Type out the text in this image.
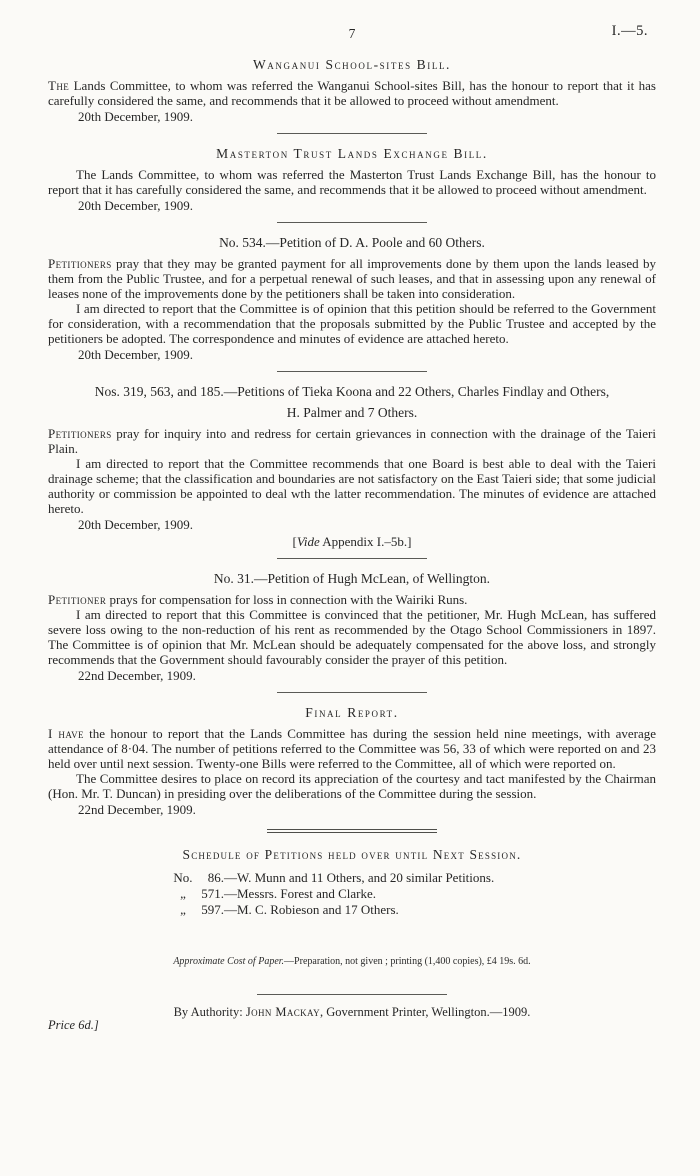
7	I.—5.
Wanganui School-sites Bill.

The Lands Committee, to whom was referred the Wanganui School-sites Bill, has the honour to report that it has carefully considered the same, and recommends that it be allowed to proceed without amendment.

20th December, 1909.

Masterton Trust Lands Exchange Bill.

The Lands Committee, to whom was referred the Masterton Trust Lands Exchange Bill, has the honour to report that it has carefully considered the same, and recommends that it be allowed to proceed without amendment.

20th December, 1909.

No. 534.—Petition of D. A. Poole and 60 Others.

Petitioners pray that they may be granted payment for all improvements done by them upon the lands leased by them from the Public Trustee, and for a perpetual renewal of such leases, and that in assessing upon any renewal of leases none of the improvements done by the petitioners shall be taken into consideration.

I am directed to report that the Committee is of opinion that this petition should be referred to the Government for consideration, with a recommendation that the proposals submitted by the Public Trustee and accepted by the petitioners be adopted. The correspondence and minutes of evidence are attached hereto.

20th December, 1909.

Nos. 319, 563, and 185.—Petitions of Tieka Koona and 22 Others, Charles Findlay and Others,
H. Palmer and 7 Others.

Petitioners pray for inquiry into and redress for certain grievances in connection with the drainage of the Taieri Plain.

I am directed to report that the Committee recommends that one Board is best able to deal with the Taieri drainage scheme; that the classification and boundaries are not satisfactory on the East Taieri side; that some judicial authority or commission be appointed to deal wth the latter recommendation. The minutes of evidence are attached hereto.

20th December, 1909.

[Vide Appendix I.–5b.]
No. 31.—Petition of Hugh McLean, of Wellington.

Petitioner prays for compensation for loss in connection with the Wairiki Runs.

I am directed to report that this Committee is convinced that the petitioner, Mr. Hugh McLean, has suffered severe loss owing to the non-reduction of his rent as recommended by the Otago School Commissioners in 1897. The Committee is of opinion that Mr. McLean should be adequately compensated for the above loss, and strongly recommends that the Government should favourably consider the prayer of this petition.

22nd December, 1909.

Final Report.

I have the honour to report that the Lands Committee has during the session held nine meetings, with average attendance of 8·04. The number of petitions referred to the Committee was 56, 33 of which were reported on and 23 held over until next session. Twenty-one Bills were referred to the Committee, all of which were reported on.

The Committee desires to place on record its appreciation of the courtesy and tact manifested by the Chairman (Hon. Mr. T. Duncan) in presiding over the deliberations of the Committee during the session.

22nd December, 1909.

Schedule of Petitions held over until Next Session.
No. 86.—W. Munn and 11 Others, and 20 similar Petitions.
„ 571.—Messrs. Forest and Clarke.
„ 597.—M. C. Robieson and 17 Others.
Approximate Cost of Paper.—Preparation, not given ; printing (1,400 copies), £4 19s. 6d.
By Authority: John Mackay, Government Printer, Wellington.—1909.
Price 6d.]
